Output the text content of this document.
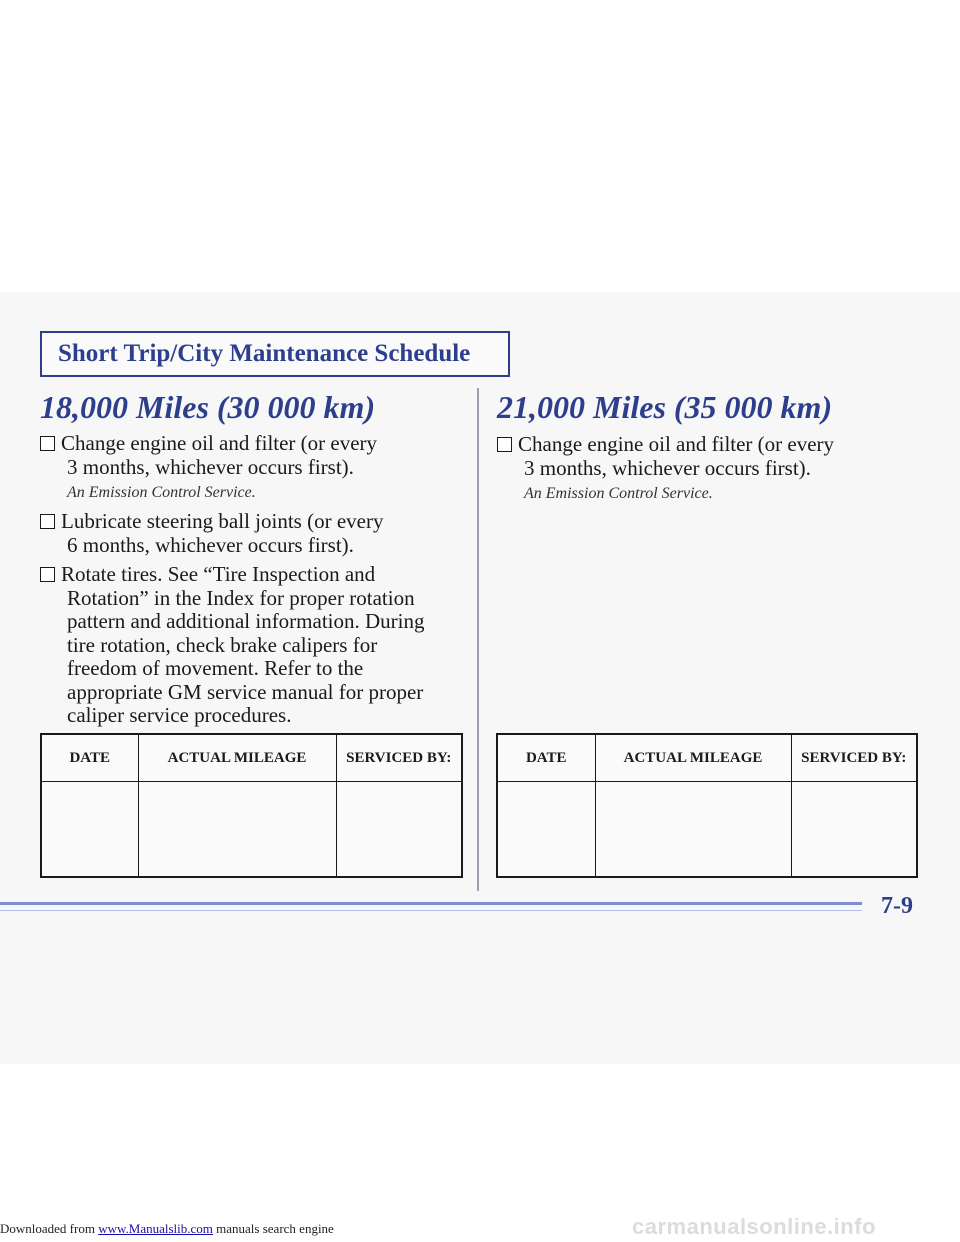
Short Trip/City Maintenance Schedule
18,000 Miles (30 000 km)
Change engine oil and filter (or every
3 months, whichever occurs first).
An Emission Control Service.
Lubricate steering ball joints (or every
6 months, whichever occurs first).
Rotate tires. See “Tire Inspection and
Rotation” in the Index for proper rotation
pattern and additional information. During
tire rotation, check brake calipers for
freedom of movement. Refer to the
appropriate GM service manual for proper
caliper service procedures.
DATE	ACTUAL MILEAGE	SERVICED BY:

21,000 Miles (35 000 km)
Change engine oil and filter (or every
3 months, whichever occurs first).
An Emission Control Service.
DATE	ACTUAL MILEAGE	SERVICED BY:

7-9
Downloaded from www.Manualslib.com manuals search engine	carmanualsonline.info
